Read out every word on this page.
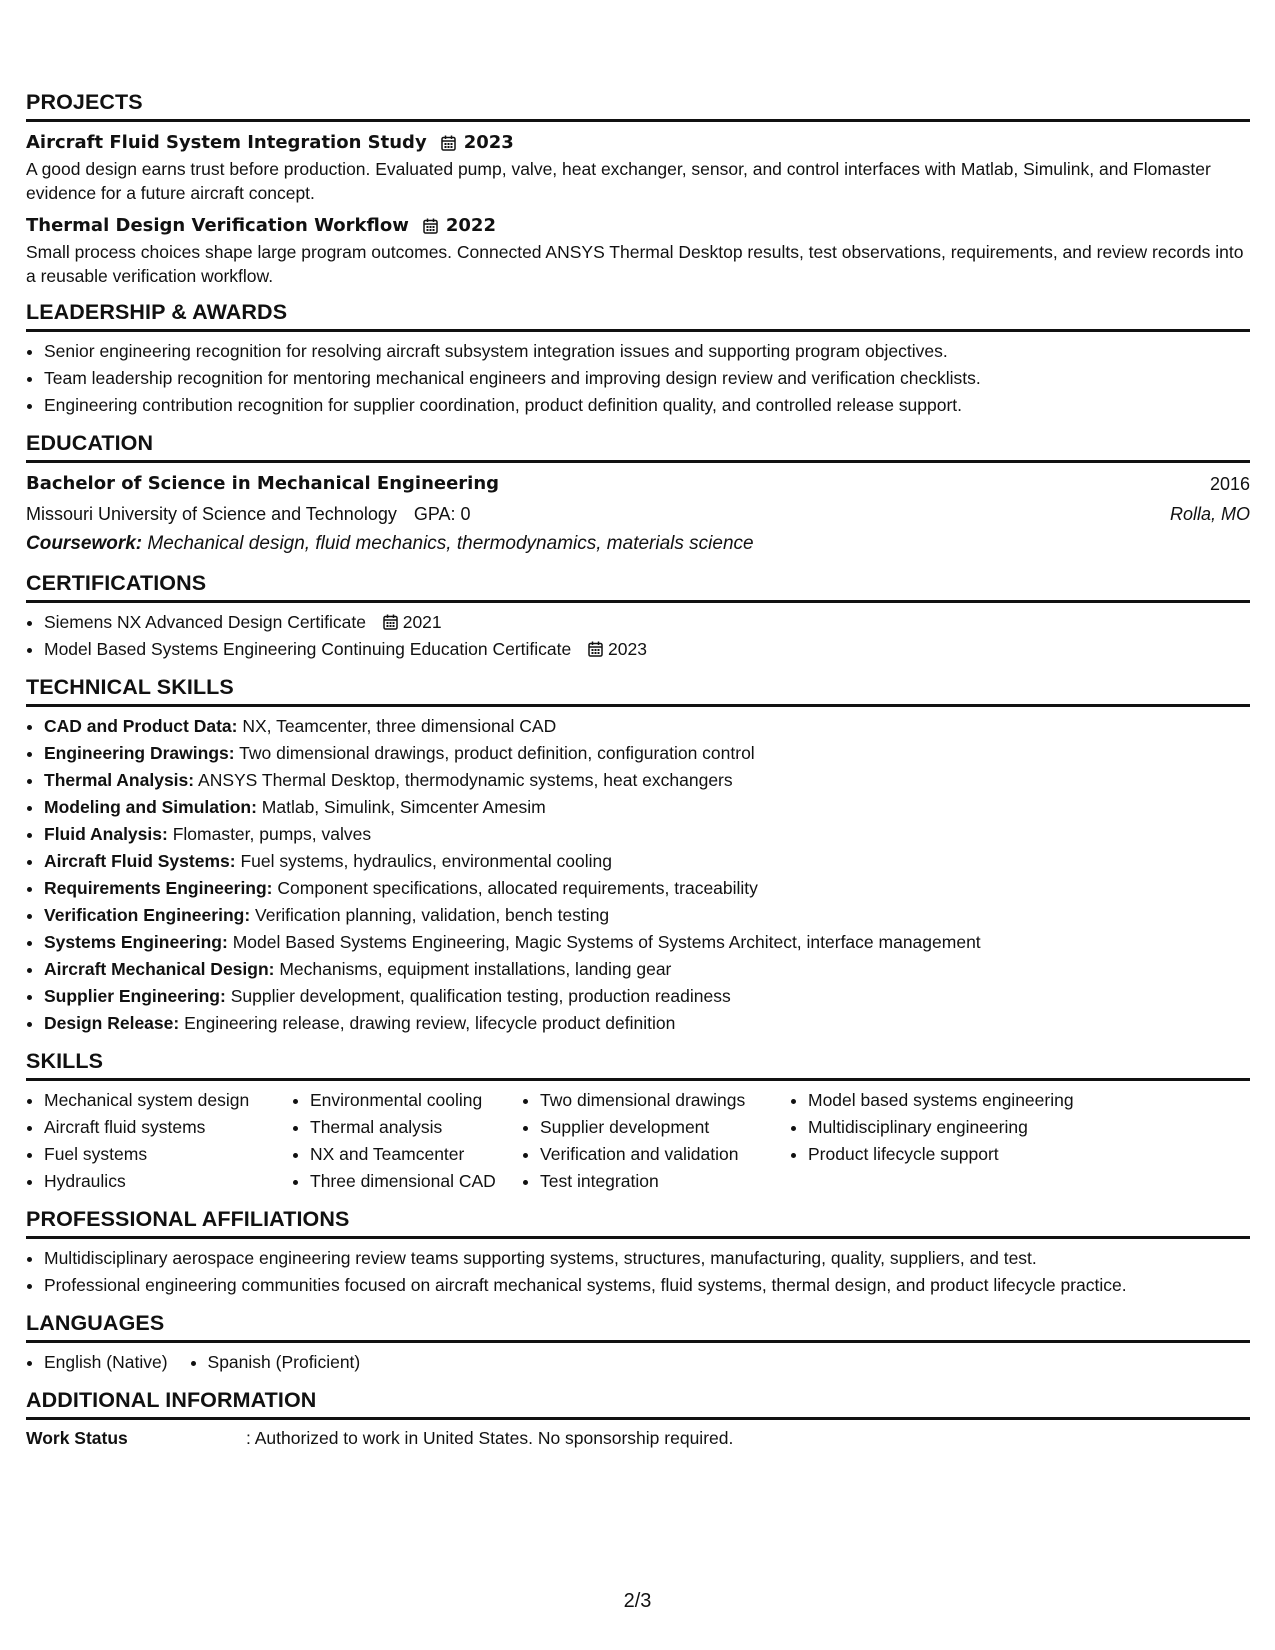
PROJECTS
Aircraft Fluid System Integration Study 2023
A good design earns trust before production. Evaluated pump, valve, heat exchanger, sensor, and control interfaces with Matlab, Simulink, and Flomaster evidence for a future aircraft concept.
Thermal Design Verification Workflow 2022
Small process choices shape large program outcomes. Connected ANSYS Thermal Desktop results, test observations, requirements, and review records into a reusable verification workflow.
LEADERSHIP & AWARDS
• Senior engineering recognition for resolving aircraft subsystem integration issues and supporting program objectives.
• Team leadership recognition for mentoring mechanical engineers and improving design review and verification checklists.
• Engineering contribution recognition for supplier coordination, product definition quality, and controlled release support.
EDUCATION
Bachelor of Science in Mechanical Engineering	2016
Missouri University of Science and Technology GPA: 0	Rolla, MO
Coursework: Mechanical design, fluid mechanics, thermodynamics, materials science
CERTIFICATIONS
• Siemens NX Advanced Design Certificate 2021
• Model Based Systems Engineering Continuing Education Certificate 2023
TECHNICAL SKILLS
• CAD and Product Data: NX, Teamcenter, three dimensional CAD
• Engineering Drawings: Two dimensional drawings, product definition, configuration control
• Thermal Analysis: ANSYS Thermal Desktop, thermodynamic systems, heat exchangers
• Modeling and Simulation: Matlab, Simulink, Simcenter Amesim
• Fluid Analysis: Flomaster, pumps, valves
• Aircraft Fluid Systems: Fuel systems, hydraulics, environmental cooling
• Requirements Engineering: Component specifications, allocated requirements, traceability
• Verification Engineering: Verification planning, validation, bench testing
• Systems Engineering: Model Based Systems Engineering, Magic Systems of Systems Architect, interface management
• Aircraft Mechanical Design: Mechanisms, equipment installations, landing gear
• Supplier Engineering: Supplier development, qualification testing, production readiness
• Design Release: Engineering release, drawing review, lifecycle product definition
SKILLS
• Mechanical system design
• Aircraft fluid systems
• Fuel systems
• Hydraulics
• Environmental cooling
• Thermal analysis
• NX and Teamcenter
• Three dimensional CAD
• Two dimensional drawings
• Supplier development
• Verification and validation
• Test integration
• Model based systems engineering
• Multidisciplinary engineering
• Product lifecycle support
PROFESSIONAL AFFILIATIONS
• Multidisciplinary aerospace engineering review teams supporting systems, structures, manufacturing, quality, suppliers, and test.
• Professional engineering communities focused on aircraft mechanical systems, fluid systems, thermal design, and product lifecycle practice.
LANGUAGES
• English (Native)
• Spanish (Proficient)
ADDITIONAL INFORMATION
Work Status	: Authorized to work in United States. No sponsorship required.
2/3
